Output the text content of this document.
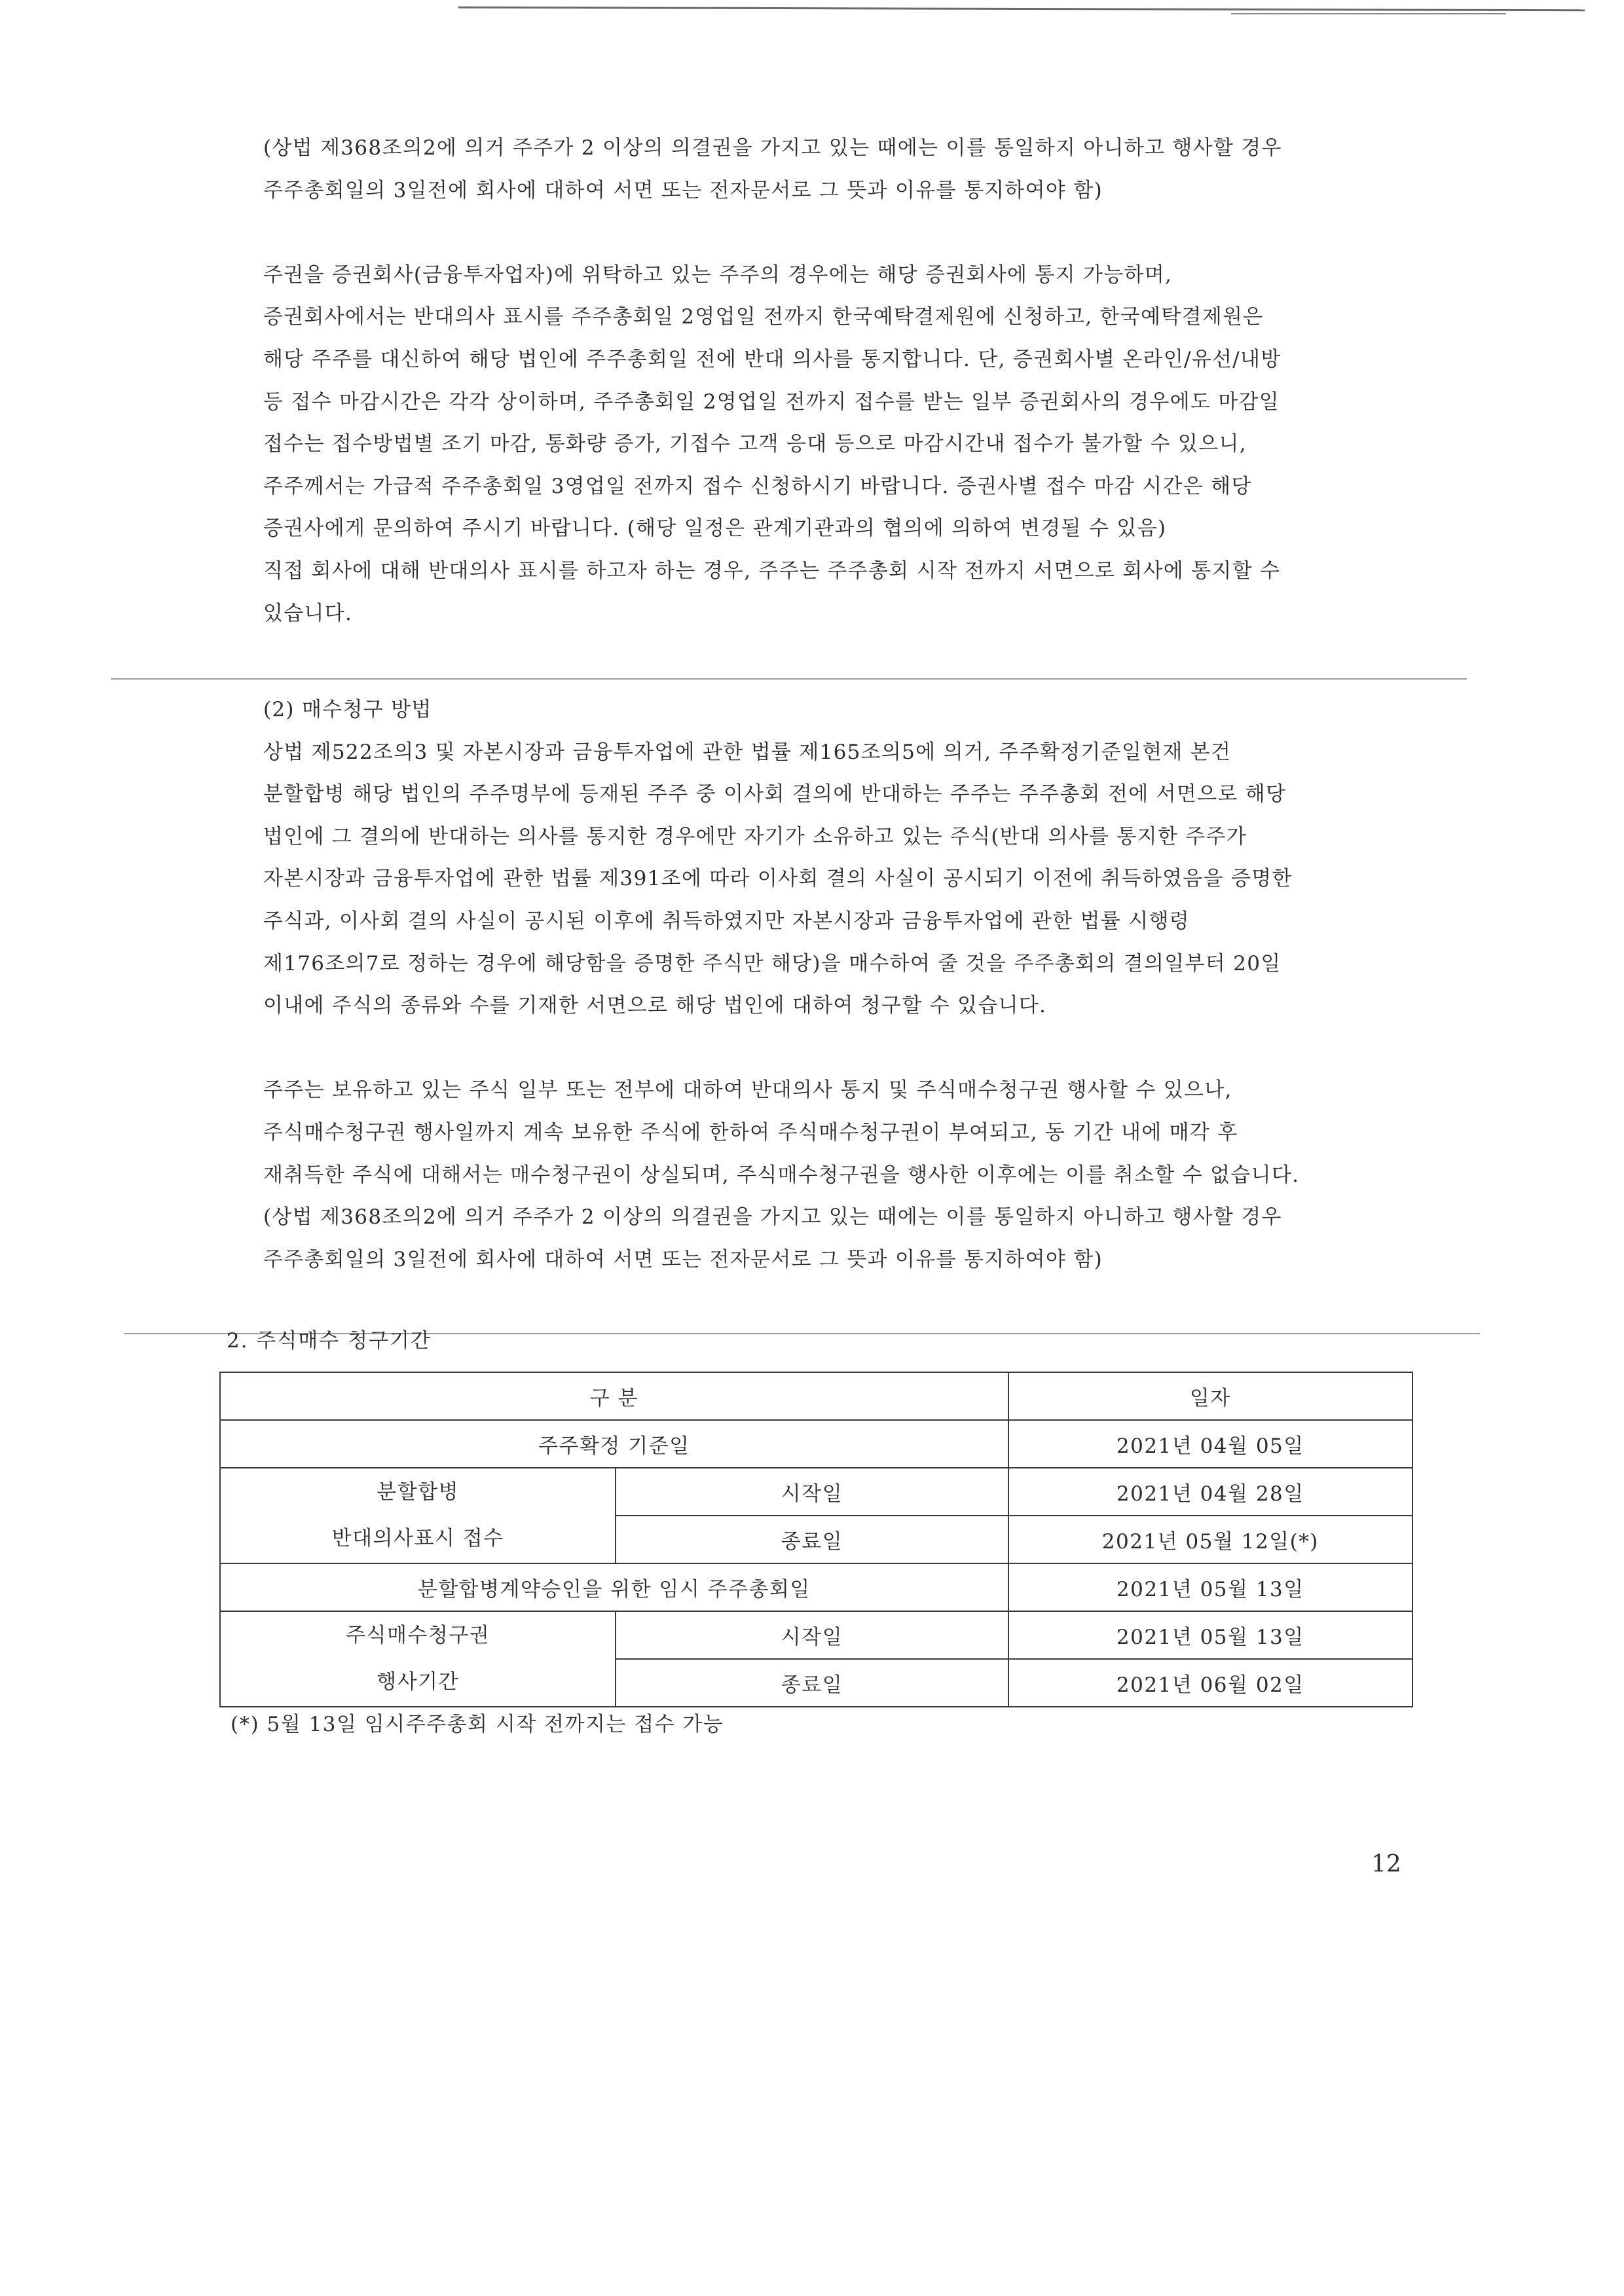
(상법 제368조의2에 의거 주주가 2 이상의 의결권을 가지고 있는 때에는 이를 통일하지 아니하고 행사할 경우

주주총회일의 3일전에 회사에 대하여 서면 또는 전자문서로 그 뜻과 이유를 통지하여야 함)

주권을 증권회사(금융투자업자)에 위탁하고 있는 주주의 경우에는 해당 증권회사에 통지 가능하며,

증권회사에서는 반대의사 표시를 주주총회일 2영업일 전까지 한국예탁결제원에 신청하고, 한국예탁결제원은

해당 주주를 대신하여 해당 법인에 주주총회일 전에 반대 의사를 통지합니다. 단, 증권회사별 온라인/유선/내방

등 접수 마감시간은 각각 상이하며, 주주총회일 2영업일 전까지 접수를 받는 일부 증권회사의 경우에도 마감일

접수는 접수방법별 조기 마감, 통화량 증가, 기접수 고객 응대 등으로 마감시간내 접수가 불가할 수 있으니,

주주께서는 가급적 주주총회일 3영업일 전까지 접수 신청하시기 바랍니다. 증권사별 접수 마감 시간은 해당

증권사에게 문의하여 주시기 바랍니다. (해당 일정은 관계기관과의 협의에 의하여 변경될 수 있음)

직접 회사에 대해 반대의사 표시를 하고자 하는 경우, 주주는 주주총회 시작 전까지 서면으로 회사에 통지할 수

있습니다.

(2) 매수청구 방법

상법 제522조의3 및 자본시장과 금융투자업에 관한 법률 제165조의5에 의거, 주주확정기준일현재 본건

분할합병 해당 법인의 주주명부에 등재된 주주 중 이사회 결의에 반대하는 주주는 주주총회 전에 서면으로 해당

법인에 그 결의에 반대하는 의사를 통지한 경우에만 자기가 소유하고 있는 주식(반대 의사를 통지한 주주가

자본시장과 금융투자업에 관한 법률 제391조에 따라 이사회 결의 사실이 공시되기 이전에 취득하였음을 증명한

주식과, 이사회 결의 사실이 공시된 이후에 취득하였지만 자본시장과 금융투자업에 관한 법률 시행령

제176조의7로 정하는 경우에 해당함을 증명한 주식만 해당)을 매수하여 줄 것을 주주총회의 결의일부터 20일

이내에 주식의 종류와 수를 기재한 서면으로 해당 법인에 대하여 청구할 수 있습니다.

주주는 보유하고 있는 주식 일부 또는 전부에 대하여 반대의사 통지 및 주식매수청구권 행사할 수 있으나,

주식매수청구권 행사일까지 계속 보유한 주식에 한하여 주식매수청구권이 부여되고, 동 기간 내에 매각 후

재취득한 주식에 대해서는 매수청구권이 상실되며, 주식매수청구권을 행사한 이후에는 이를 취소할 수 없습니다.

(상법 제368조의2에 의거 주주가 2 이상의 의결권을 가지고 있는 때에는 이를 통일하지 아니하고 행사할 경우

주주총회일의 3일전에 회사에 대하여 서면 또는 전자문서로 그 뜻과 이유를 통지하여야 함)

2. 주식매수 청구기간
구 분		일자
주주확정 기준일		2021년 04월 05일

분할합병
반대의사표시 접수	시작일	2021년 04월 28일
	종료일	2021년 05월 12일(*)
분할합병계약승인을 위한 임시 주주총회일		2021년 05월 13일

주식매수청구권
행사기간	시작일	2021년 05월 13일
	종료일	2021년 06월 02일
(*) 5월 13일 임시주주총회 시작 전까지는 접수 가능
12
